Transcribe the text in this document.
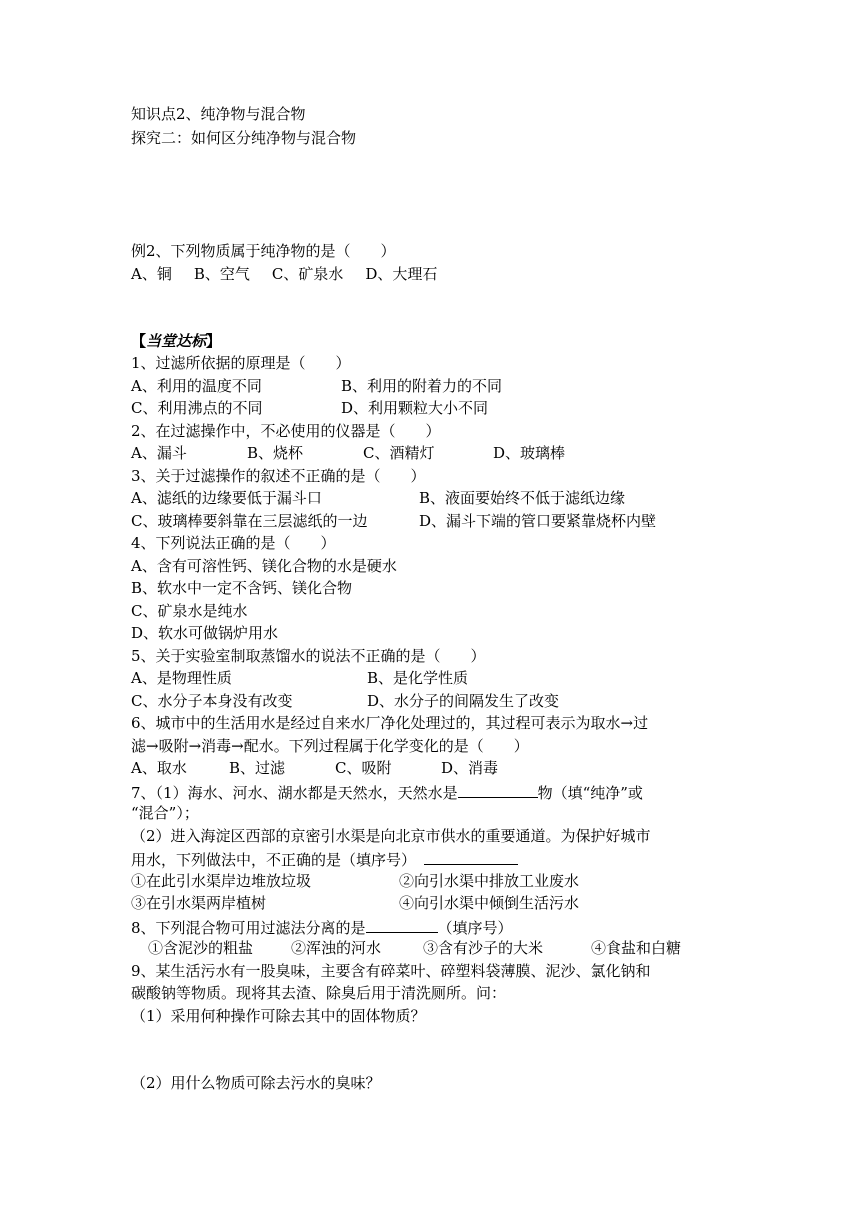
知识点2、纯净物与混合物
探究二：如何区分纯净物与混合物
例2、下列物质属于纯净物的是（　　）
A、铜 B、空气 C、矿泉水 D、大理石
【当堂达标】
1、过滤所依据的原理是（　　）
A、利用的温度不同	B、利用的附着力的不同
C、利用沸点的不同	D、利用颗粒大小不同
2、在过滤操作中，不必使用的仪器是（　　）
A、漏斗	B、烧杯	C、酒精灯	D、玻璃棒
3、关于过滤操作的叙述不正确的是（　　）
A、滤纸的边缘要低于漏斗口	B、液面要始终不低于滤纸边缘
C、玻璃棒要斜靠在三层滤纸的一边	D、漏斗下端的管口要紧靠烧杯内壁
4、下列说法正确的是（　　）
A、含有可溶性钙、镁化合物的水是硬水
B、软水中一定不含钙、镁化合物
C、矿泉水是纯水
D、软水可做锅炉用水
5、关于实验室制取蒸馏水的说法不正确的是（　　）
A、是物理性质	B、是化学性质
C、水分子本身没有改变	D、水分子的间隔发生了改变
6、城市中的生活用水是经过自来水厂净化处理过的，其过程可表示为取水→过
滤→吸附→消毒→配水。下列过程属于化学变化的是（　　）
A、取水	B、过滤	C、吸附	D、消毒
7、（1）海水、河水、湖水都是天然水，天然水是	物（填“纯净”或
“混合”）；
（2）进入海淀区西部的京密引水渠是向北京市供水的重要通道。为保护好城市
用水，下列做法中，不正确的是（填序号）
①在此引水渠岸边堆放垃圾	②向引水渠中排放工业废水
③在引水渠两岸植树	④向引水渠中倾倒生活污水
8、下列混合物可用过滤法分离的是	（填序号）
①含泥沙的粗盐	②浑浊的河水	③含有沙子的大米	④食盐和白糖
9、某生活污水有一股臭味，主要含有碎菜叶、碎塑料袋薄膜、泥沙、氯化钠和
碳酸钠等物质。现将其去渣、除臭后用于清洗厕所。问：
（1）采用何种操作可除去其中的固体物质？
（2）用什么物质可除去污水的臭味？
